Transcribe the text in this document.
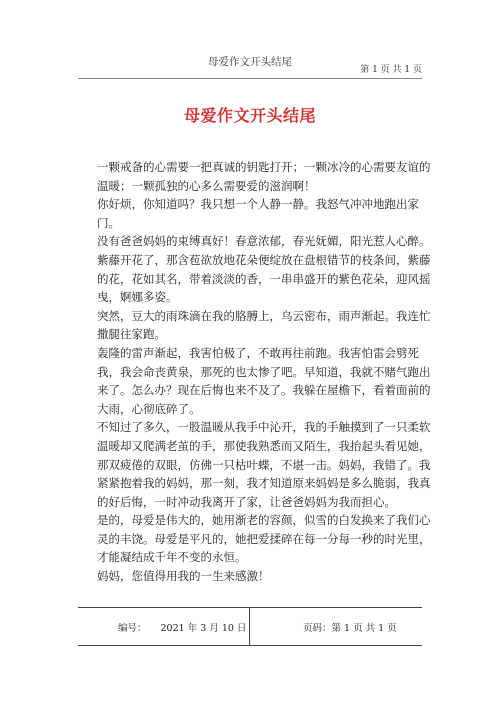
母爱作文开头结尾
第 1 页 共 1 页
母爱作文开头结尾

一颗戒备的心需要一把真诚的钥匙打开；一颗冰冷的心需要友谊的温暖；一颗孤独的心多么需要爱的滋润啊！

你好烦，你知道吗？我只想一个人静一静。我怒气冲冲地跑出家门。

没有爸爸妈妈的束缚真好！春意浓郁，春光妩媚，阳光惹人心醉。紫藤开花了，那含苞欲放地花朵便绽放在盘根错节的枝条间，紫藤的花，花如其名，带着淡淡的香，一串串盛开的紫色花朵，迎风摇曳，婀娜多姿。

突然，豆大的雨珠滴在我的胳膊上，乌云密布，雨声渐起。我连忙撒腿往家跑。

轰隆的雷声渐起，我害怕极了，不敢再往前跑。我害怕雷会劈死我，我会命丧黄泉，那死的也太惨了吧。早知道，我就不赌气跑出来了。怎么办？现在后悔也来不及了。我躲在屋檐下，看着面前的大雨，心彻底碎了。

不知过了多久，一股温暖从我手中沁开，我的手触摸到了一只柔软温暖却又爬满老茧的手，那使我熟悉而又陌生，我抬起头看见她，那双疲倦的双眼，仿佛一只枯叶蝶，不堪一击。妈妈，我错了。我紧紧抱着我的妈妈，那一刻，我才知道原来妈妈是多么脆弱，我真的好后悔，一时冲动我离开了家，让爸爸妈妈为我而担心。

是的，母爱是伟大的，她用渐老的容颜，似雪的白发换来了我们心灵的丰饶。母爱是平凡的，她把爱揉碎在每一分每一秒的时光里，才能凝结成千年不变的永恒。

妈妈，您值得用我的一生来感激！

编号： 2021 年 3 月 10 日	页码：第 1 页 共 1 页
